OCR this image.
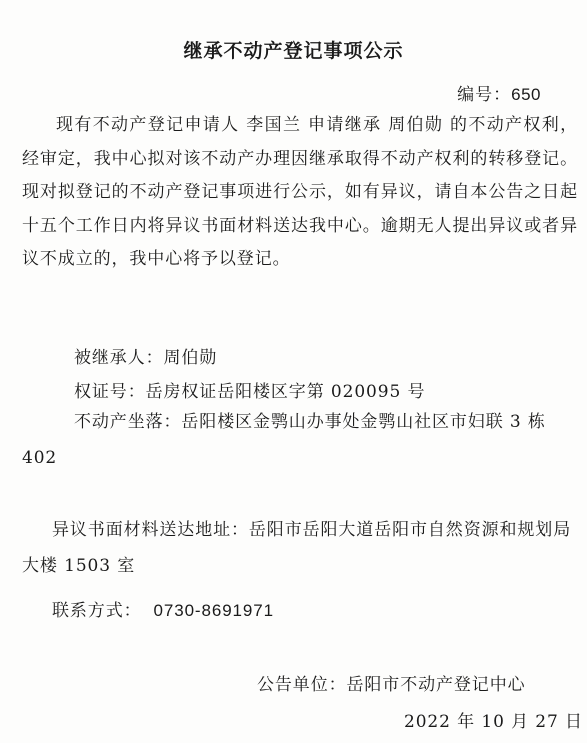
继承不动产登记事项公示
编号：650
现有不动产登记申请人 李国兰 申请继承 周伯勋 的不动产权利，经审定，我中心拟对该不动产办理因继承取得不动产权利的转移登记。现对拟登记的不动产登记事项进行公示，如有异议，请自本公告之日起十五个工作日内将异议书面材料送达我中心。逾期无人提出异议或者异议不成立的，我中心将予以登记。
被继承人：周伯勋
权证号：岳房权证岳阳楼区字第 020095 号
不动产坐落：岳阳楼区金鹗山办事处金鹗山社区市妇联 3 栋 402
异议书面材料送达地址：岳阳市岳阳大道岳阳市自然资源和规划局大楼 1503 室
联系方式： 0730-8691971
公告单位：岳阳市不动产登记中心
2022 年 10 月 27 日
